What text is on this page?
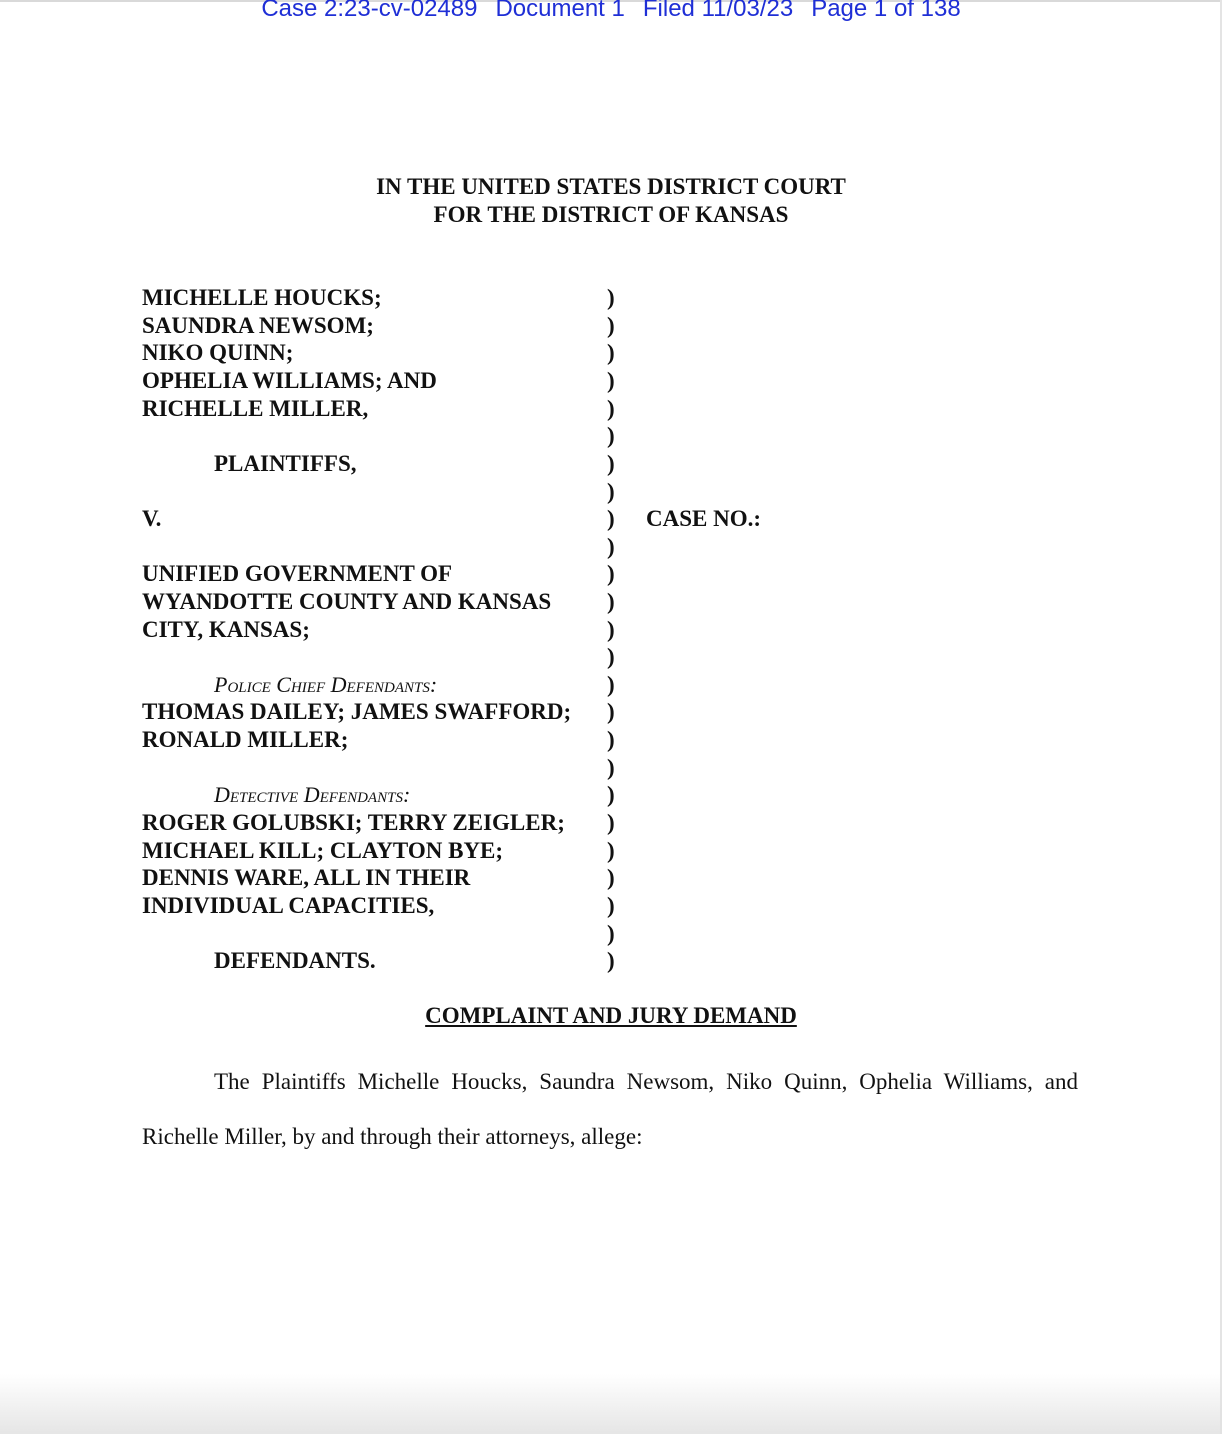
Case 2:23-cv-02489 Document 1 Filed 11/03/23 Page 1 of 138
IN THE UNITED STATES DISTRICT COURT
FOR THE DISTRICT OF KANSAS
MICHELLE HOUCKS;
SAUNDRA NEWSOM;
NIKO QUINN;
OPHELIA WILLIAMS; AND
RICHELLE MILLER,
PLAINTIFFS,
V.
UNIFIED GOVERNMENT OF
WYANDOTTE COUNTY AND KANSAS
CITY, KANSAS;
Police Chief Defendants:
THOMAS DAILEY; JAMES SWAFFORD;
RONALD MILLER;
Detective Defendants:
ROGER GOLUBSKI; TERRY ZEIGLER;
MICHAEL KILL; CLAYTON BYE;
DENNIS WARE, ALL IN THEIR
INDIVIDUAL CAPACITIES,
DEFENDANTS.
)
)
)
)
)
)
)
)
)
)
)
)
)
)
)
)
)
)
)
)
)
)
)
)
)
CASE NO.:
COMPLAINT AND JURY DEMAND
The Plaintiffs Michelle Houcks, Saundra Newsom, Niko Quinn, Ophelia Williams, and Richelle Miller, by and through their attorneys, allege:
